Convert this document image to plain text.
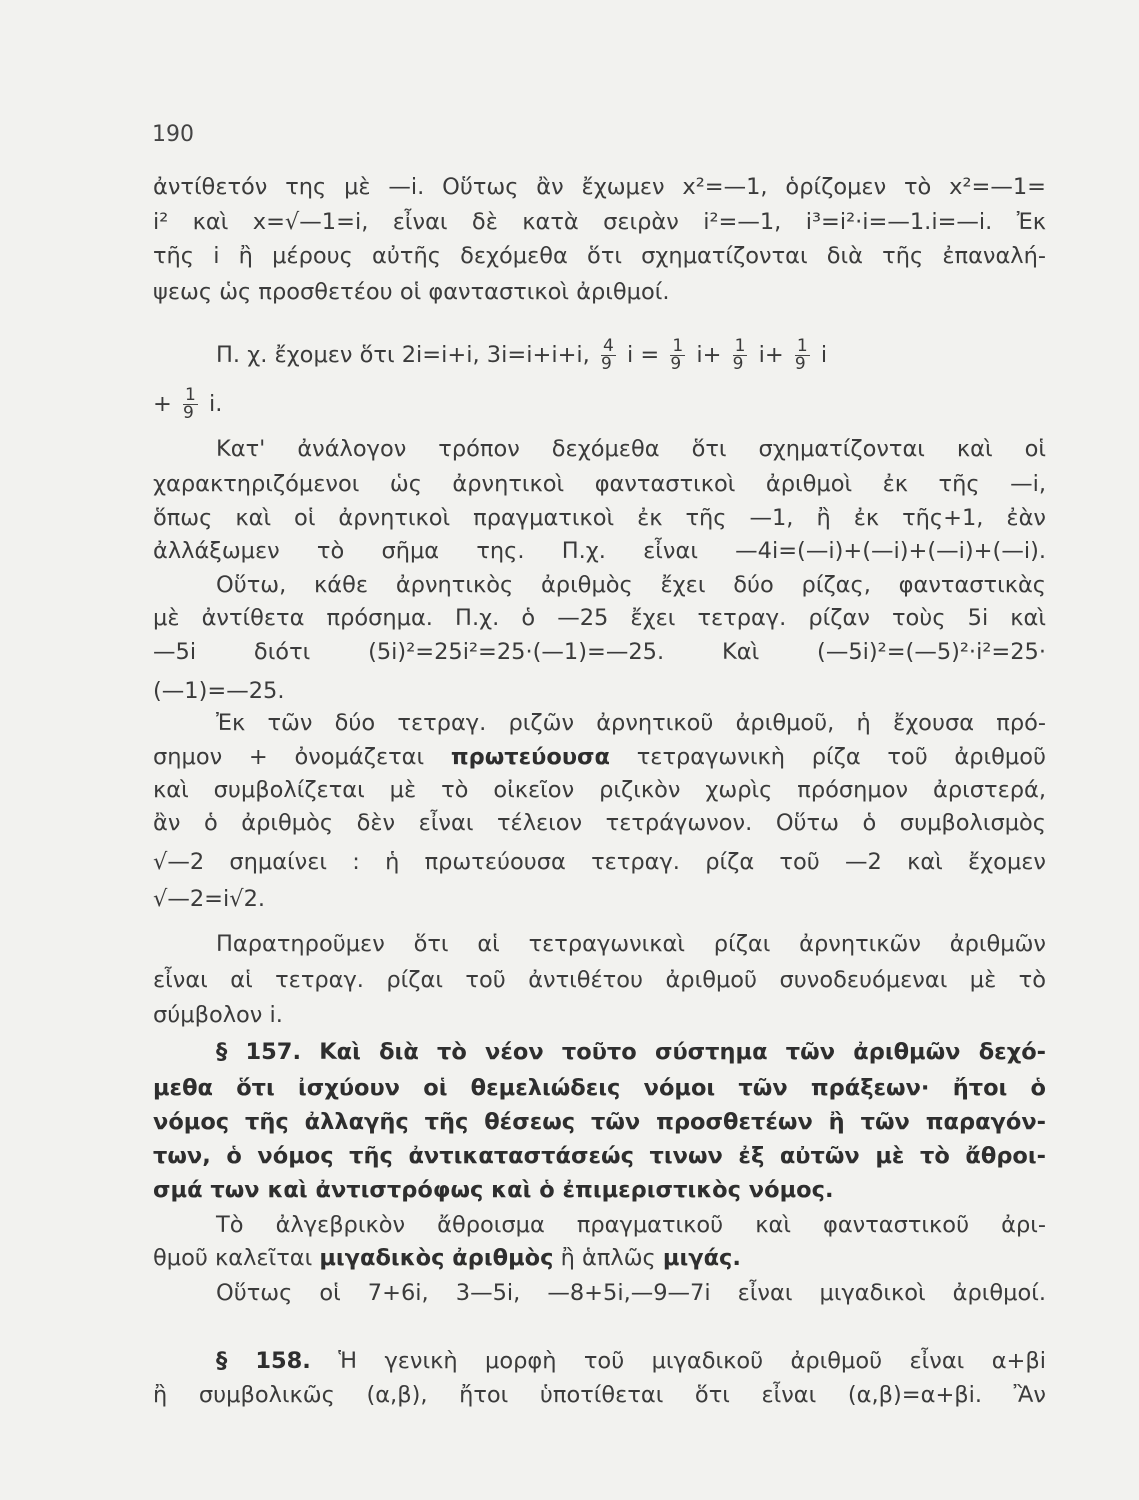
190
ἀντίθετόν της μὲ —i. Οὕτως ἂν ἔχωμεν x²=—1, ὁρίζομεν τὸ x²=—1=
i² καὶ x=√—1=i, εἶναι δὲ κατὰ σειρὰν i²=—1, i³=i²·i=—1.i=—i. Ἐκ
τῆς i ἢ μέρους αὐτῆς δεχόμεθα ὅτι σχηματίζονται διὰ τῆς ἐπαναλή-
ψεως ὡς προσθετέου οἱ φανταστικοὶ ἀριθμοί.
Π. χ. ἔχομεν ὅτι 2i=i+i, 3i=i+i+i, $\frac{4}{9}$ $i = \frac{1}{9} i+ \frac{1}{9} i+ \frac{1}{9}$ i
+ $\frac{1}{9} i$.
Κατ' ἀνάλογον τρόπον δεχόμεθα ὅτι σχηματίζονται καὶ οἱ
χαρακτηριζόμενοι ὡς ἀρνητικοὶ φανταστικοὶ ἀριθμοὶ ἐκ τῆς —i,
ὅπως καὶ οἱ ἀρνητικοὶ πραγματικοὶ ἐκ τῆς —1, ἢ ἐκ τῆς+1, ἐὰν
ἀλλάξωμεν τὸ σῆμα της. Π.χ. εἶναι —4i=(—i)+(—i)+(—i)+(—i).
Οὕτω, κάθε ἀρνητικὸς ἀριθμὸς ἔχει δύο ρίζας, φανταστικὰς
μὲ ἀντίθετα πρόσημα. Π.χ. ὁ —25 ἔχει τετραγ. ρίζαν τοὺς 5i καὶ
—5i διότι (5i)²=25i²=25·(—1)=—25. Καὶ (—5i)²=(—5)²·i²=25·
(—1)=—25.
Ἐκ τῶν δύο τετραγ. ριζῶν ἀρνητικοῦ ἀριθμοῦ, ἡ ἔχουσα πρό-
σημον + ὀνομάζεται πρωτεύουσα τετραγωνικὴ ρίζα τοῦ ἀριθμοῦ
καὶ συμβολίζεται μὲ τὸ οἰκεῖον ριζικὸν χωρὶς πρόσημον ἀριστερά,
ἂν ὁ ἀριθμὸς δὲν εἶναι τέλειον τετράγωνον. Οὕτω ὁ συμβολισμὸς
√—2 σημαίνει : ἡ πρωτεύουσα τετραγ. ρίζα τοῦ —2 καὶ ἔχομεν
√—2=i√2.
Παρατηροῦμεν ὅτι αἱ τετραγωνικαὶ ρίζαι ἀρνητικῶν ἀριθμῶν
εἶναι αἱ τετραγ. ρίζαι τοῦ ἀντιθέτου ἀριθμοῦ συνοδευόμεναι μὲ τὸ
σύμβολον i.
§ 157. Καὶ διὰ τὸ νέον τοῦτο σύστημα τῶν ἀριθμῶν δεχό-
μεθα ὅτι ἰσχύουν οἱ θεμελιώδεις νόμοι τῶν πράξεων· ἤτοι ὁ
νόμος τῆς ἀλλαγῆς τῆς θέσεως τῶν προσθετέων ἢ τῶν παραγόν-
των, ὁ νόμος τῆς ἀντικαταστάσεώς τινων ἐξ αὐτῶν μὲ τὸ ἄθροι-
σμά των καὶ ἀντιστρόφως καὶ ὁ ἐπιμεριστικὸς νόμος.
Τὸ ἀλγεβρικὸν ἄθροισμα πραγματικοῦ καὶ φανταστικοῦ ἀρι-
θμοῦ καλεῖται μιγαδικὸς ἀριθμὸς ἢ ἁπλῶς μιγάς.
Οὕτως οἱ 7+6i, 3—5i, —8+5i,—9—7i εἶναι μιγαδικοὶ ἀριθμοί.
§ 158. Ἡ γενικὴ μορφὴ τοῦ μιγαδικοῦ ἀριθμοῦ εἶναι α+βi
ἢ συμβολικῶς (α,β), ἤτοι ὑποτίθεται ὅτι εἶναι (α,β)=α+βi. Ἂν
